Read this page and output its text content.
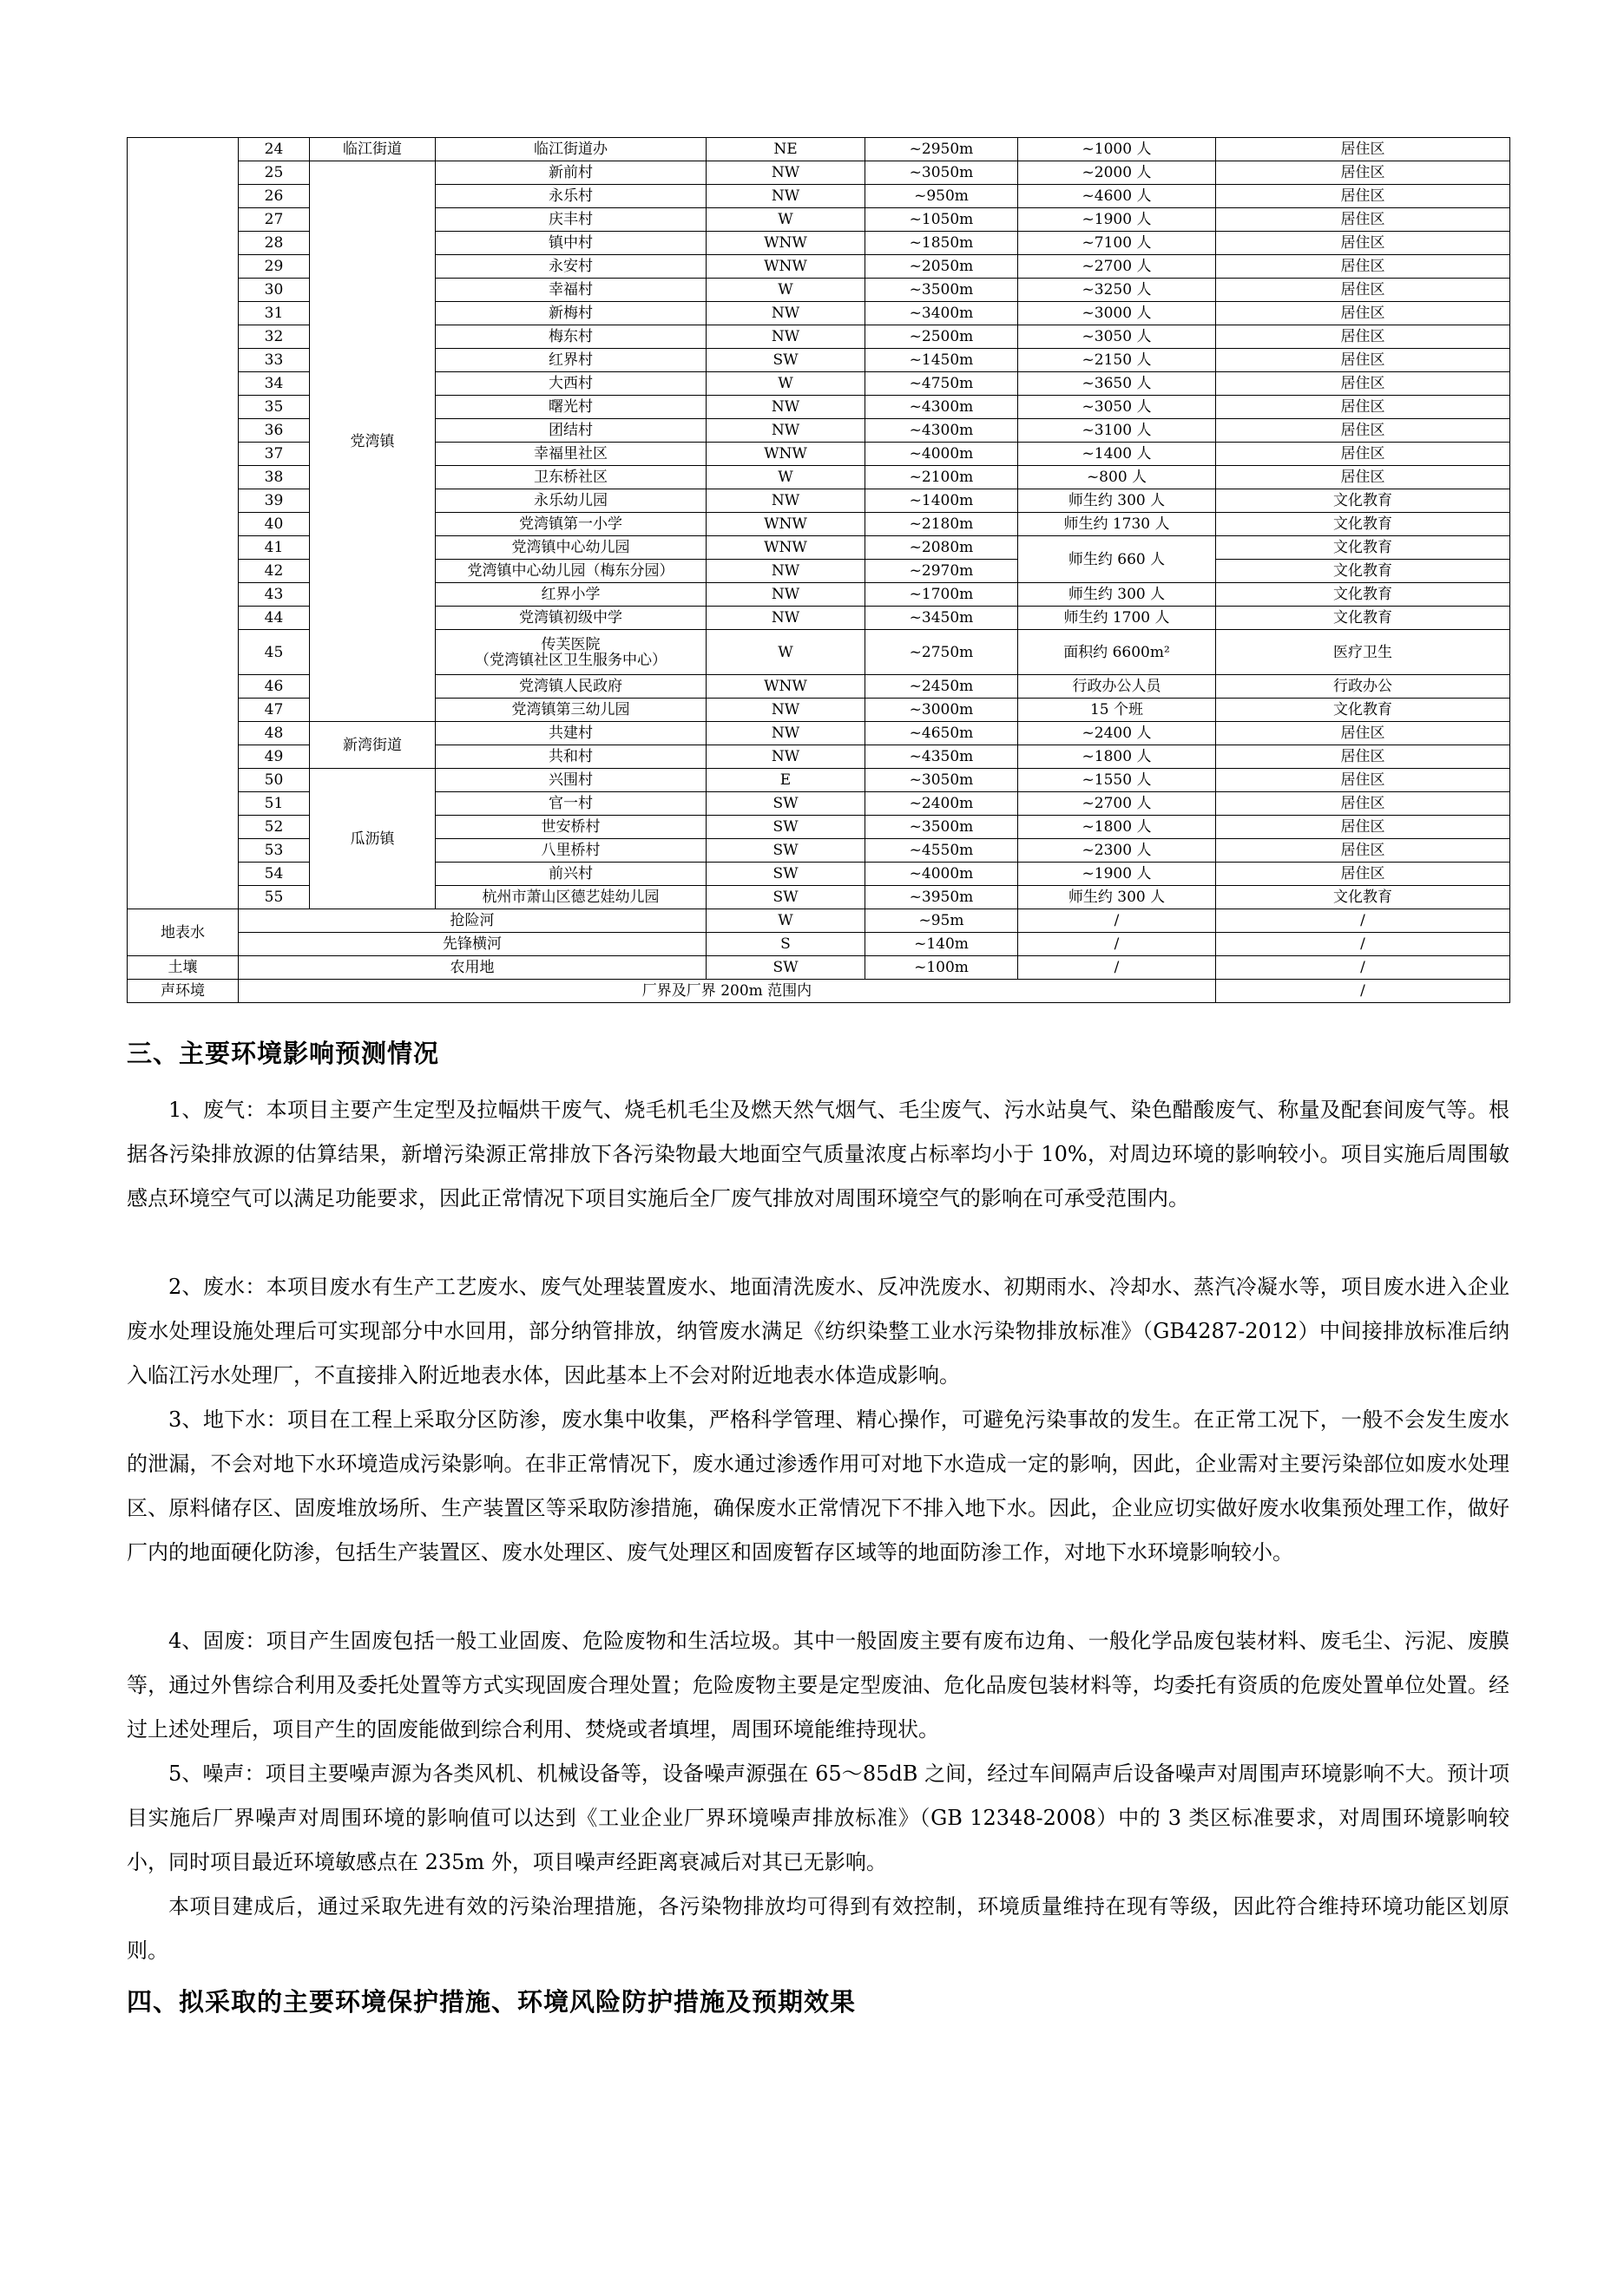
	24	临江街道	临江街道办	NE	~2950m	~1000 人	居住区
	25	党湾镇	新前村	NW	~3050m	~2000 人	居住区
	26		永乐村	NW	~950m	~4600 人	居住区
	27		庆丰村	W	~1050m	~1900 人	居住区
	28		镇中村	WNW	~1850m	~7100 人	居住区
	29		永安村	WNW	~2050m	~2700 人	居住区
	30		幸福村	W	~3500m	~3250 人	居住区
	31		新梅村	NW	~3400m	~3000 人	居住区
	32		梅东村	NW	~2500m	~3050 人	居住区
	33		红界村	SW	~1450m	~2150 人	居住区
	34		大西村	W	~4750m	~3650 人	居住区
	35		曙光村	NW	~4300m	~3050 人	居住区
	36		团结村	NW	~4300m	~3100 人	居住区
	37		幸福里社区	WNW	~4000m	~1400 人	居住区
	38		卫东桥社区	W	~2100m	~800 人	居住区
	39		永乐幼儿园	NW	~1400m	师生约 300 人	文化教育
	40		党湾镇第一小学	WNW	~2180m	师生约 1730 人	文化教育
	41		党湾镇中心幼儿园	WNW	~2080m	师生约 660 人	文化教育
	42		党湾镇中心幼儿园（梅东分园）	NW	~2970m		文化教育
	43		红界小学	NW	~1700m	师生约 300 人	文化教育
	44		党湾镇初级中学	NW	~3450m	师生约 1700 人	文化教育
	45		传芙医院
（党湾镇社区卫生服务中心）	W	~2750m	面积约 6600m²	医疗卫生
	46		党湾镇人民政府	WNW	~2450m	行政办公人员	行政办公
	47		党湾镇第三幼儿园	NW	~3000m	15 个班	文化教育
	48	新湾街道	共建村	NW	~4650m	~2400 人	居住区
	49		共和村	NW	~4350m	~1800 人	居住区
	50	瓜沥镇	兴围村	E	~3050m	~1550 人	居住区
	51		官一村	SW	~2400m	~2700 人	居住区
	52		世安桥村	SW	~3500m	~1800 人	居住区
	53		八里桥村	SW	~4550m	~2300 人	居住区
	54		前兴村	SW	~4000m	~1900 人	居住区
	55		杭州市萧山区德艺娃幼儿园	SW	~3950m	师生约 300 人	文化教育
地表水	抢险河			W	~95m	/	/
	先锋横河			S	~140m	/	/
土壤	农用地			SW	~100m	/	/
声环境	厂界及厂界 200m 范围内						/
三、主要环境影响预测情况

1、废气：本项目主要产生定型及拉幅烘干废气、烧毛机毛尘及燃天然气烟气、毛尘废气、污水站臭气、染色醋酸废气、称量及配套间废气等。根据各污染排放源的估算结果，新增污染源正常排放下各污染物最大地面空气质量浓度占标率均小于 10%，对周边环境的影响较小。项目实施后周围敏感点环境空气可以满足功能要求，因此正常情况下项目实施后全厂废气排放对周围环境空气的影响在可承受范围内。

2、废水：本项目废水有生产工艺废水、废气处理装置废水、地面清洗废水、反冲洗废水、初期雨水、冷却水、蒸汽冷凝水等，项目废水进入企业废水处理设施处理后可实现部分中水回用，部分纳管排放，纳管废水满足《纺织染整工业水污染物排放标准》（GB4287-2012）中间接排放标准后纳入临江污水处理厂，不直接排入附近地表水体，因此基本上不会对附近地表水体造成影响。

3、地下水：项目在工程上采取分区防渗，废水集中收集，严格科学管理、精心操作，可避免污染事故的发生。在正常工况下，一般不会发生废水的泄漏，不会对地下水环境造成污染影响。在非正常情况下，废水通过渗透作用可对地下水造成一定的影响，因此，企业需对主要污染部位如废水处理区、原料储存区、固废堆放场所、生产装置区等采取防渗措施，确保废水正常情况下不排入地下水。因此，企业应切实做好废水收集预处理工作，做好厂内的地面硬化防渗，包括生产装置区、废水处理区、废气处理区和固废暂存区域等的地面防渗工作，对地下水环境影响较小。

4、固废：项目产生固废包括一般工业固废、危险废物和生活垃圾。其中一般固废主要有废布边角、一般化学品废包装材料、废毛尘、污泥、废膜等，通过外售综合利用及委托处置等方式实现固废合理处置；危险废物主要是定型废油、危化品废包装材料等，均委托有资质的危废处置单位处置。经过上述处理后，项目产生的固废能做到综合利用、焚烧或者填埋，周围环境能维持现状。

5、噪声：项目主要噪声源为各类风机、机械设备等，设备噪声源强在 65～85dB 之间，经过车间隔声后设备噪声对周围声环境影响不大。预计项目实施后厂界噪声对周围环境的影响值可以达到《工业企业厂界环境噪声排放标准》（GB 12348-2008）中的 3 类区标准要求，对周围环境影响较小，同时项目最近环境敏感点在 235m 外，项目噪声经距离衰减后对其已无影响。

本项目建成后，通过采取先进有效的污染治理措施，各污染物排放均可得到有效控制，环境质量维持在现有等级，因此符合维持环境功能区划原则。

四、拟采取的主要环境保护措施、环境风险防护措施及预期效果
